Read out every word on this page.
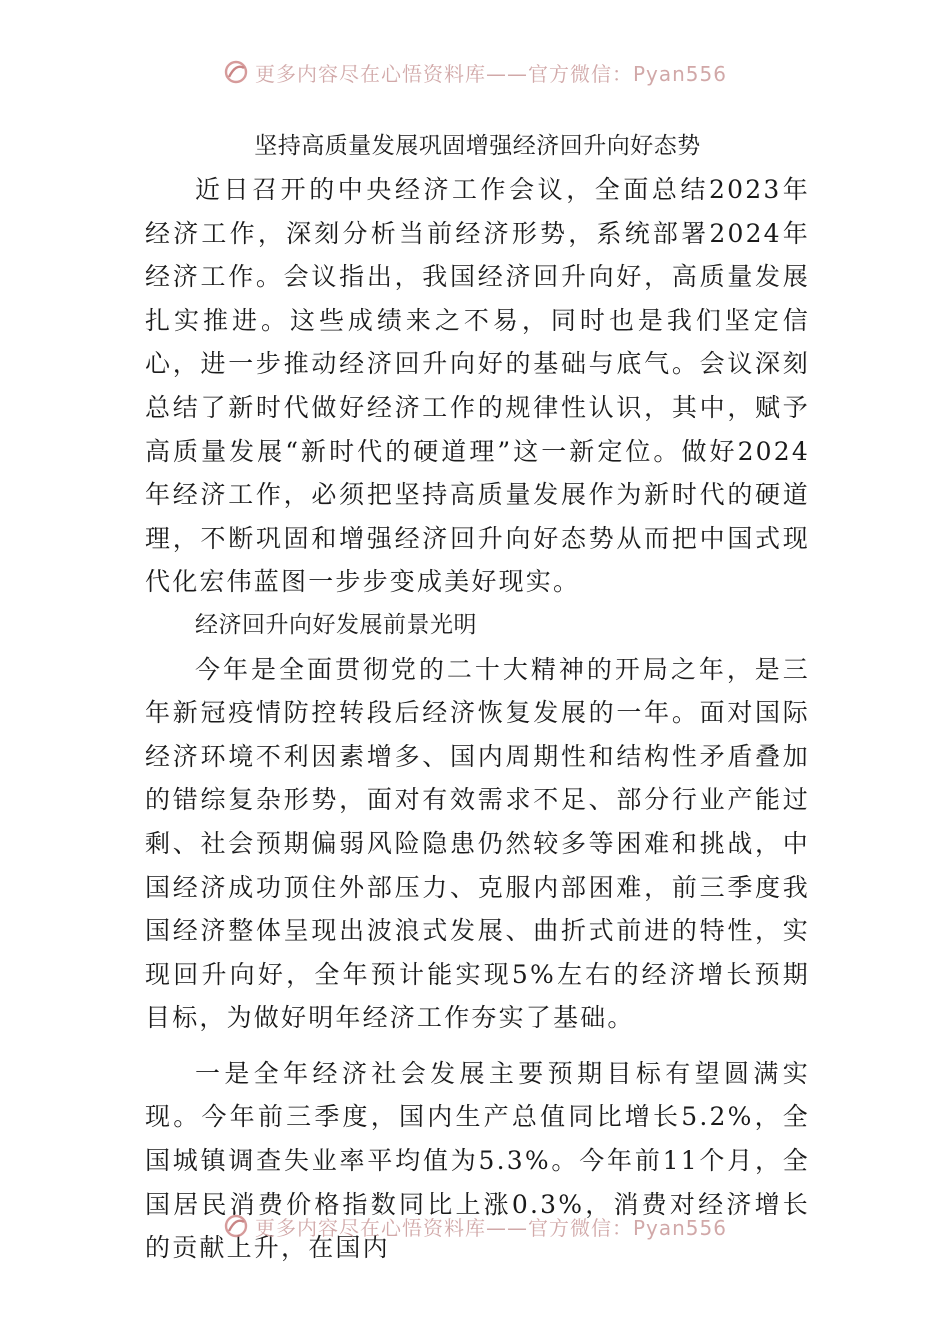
更多内容尽在心悟资料库——官方微信：Pyan556
坚持高质量发展巩固增强经济回升向好态势

近日召开的中央经济工作会议，全面总结2023年经济工作，深刻分析当前经济形势，系统部署2024年经济工作。会议指出，我国经济回升向好，高质量发展扎实推进。这些成绩来之不易，同时也是我们坚定信心，进一步推动经济回升向好的基础与底气。会议深刻总结了新时代做好经济工作的规律性认识，其中，赋予高质量发展“新时代的硬道理”这一新定位。做好2024年经济工作，必须把坚持高质量发展作为新时代的硬道理，不断巩固和增强经济回升向好态势从而把中国式现代化宏伟蓝图一步步变成美好现实。

经济回升向好发展前景光明

今年是全面贯彻党的二十大精神的开局之年，是三年新冠疫情防控转段后经济恢复发展的一年。面对国际经济环境不利因素增多、国内周期性和结构性矛盾叠加的错综复杂形势，面对有效需求不足、部分行业产能过剩、社会预期偏弱风险隐患仍然较多等困难和挑战，中国经济成功顶住外部压力、克服内部困难，前三季度我国经济整体呈现出波浪式发展、曲折式前进的特性，实现回升向好，全年预计能实现5%左右的经济增长预期目标，为做好明年经济工作夯实了基础。

一是全年经济社会发展主要预期目标有望圆满实现。今年前三季度，国内生产总值同比增长5.2%，全国城镇调查失业率平均值为5.3%。今年前11个月，全国居民消费价格指数同比上涨0.3%，消费对经济增长的贡献上升，在国内

更多内容尽在心悟资料库——官方微信：Pyan556
